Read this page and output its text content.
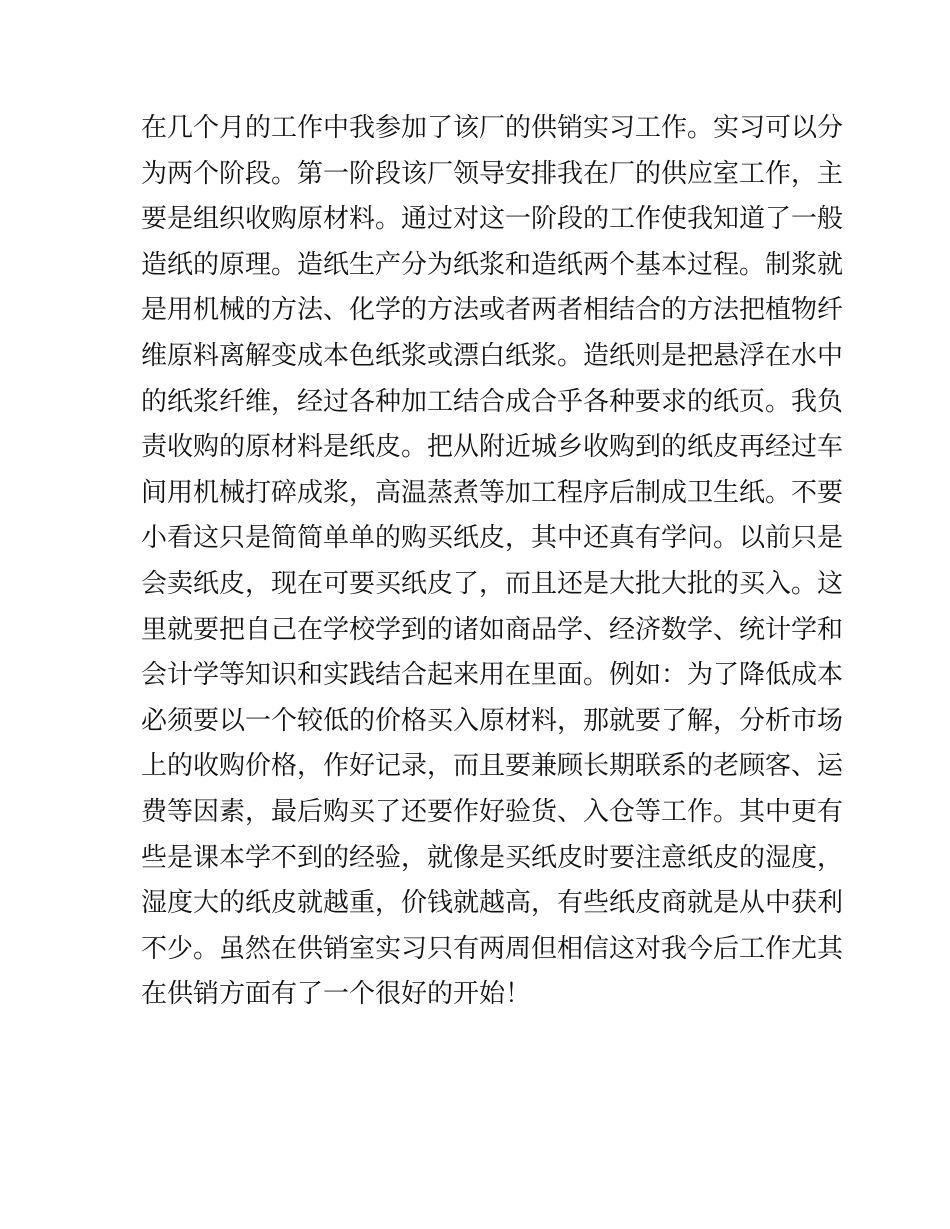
在几个月的工作中我参加了该厂的供销实习工作。实习可以分
为两个阶段。第一阶段该厂领导安排我在厂的供应室工作，主
要是组织收购原材料。通过对这一阶段的工作使我知道了一般
造纸的原理。造纸生产分为纸浆和造纸两个基本过程。制浆就
是用机械的方法、化学的方法或者两者相结合的方法把植物纤
维原料离解变成本色纸浆或漂白纸浆。造纸则是把悬浮在水中
的纸浆纤维，经过各种加工结合成合乎各种要求的纸页。我负
责收购的原材料是纸皮。把从附近城乡收购到的纸皮再经过车
间用机械打碎成浆，高温蒸煮等加工程序后制成卫生纸。不要
小看这只是简简单单的购买纸皮，其中还真有学问。以前只是
会卖纸皮，现在可要买纸皮了，而且还是大批大批的买入。这
里就要把自己在学校学到的诸如商品学、经济数学、统计学和
会计学等知识和实践结合起来用在里面。例如：为了降低成本
必须要以一个较低的价格买入原材料，那就要了解，分析市场
上的收购价格，作好记录，而且要兼顾长期联系的老顾客、运
费等因素，最后购买了还要作好验货、入仓等工作。其中更有
些是课本学不到的经验，就像是买纸皮时要注意纸皮的湿度，
湿度大的纸皮就越重，价钱就越高，有些纸皮商就是从中获利
不少。虽然在供销室实习只有两周但相信这对我今后工作尤其
在供销方面有了一个很好的开始！
